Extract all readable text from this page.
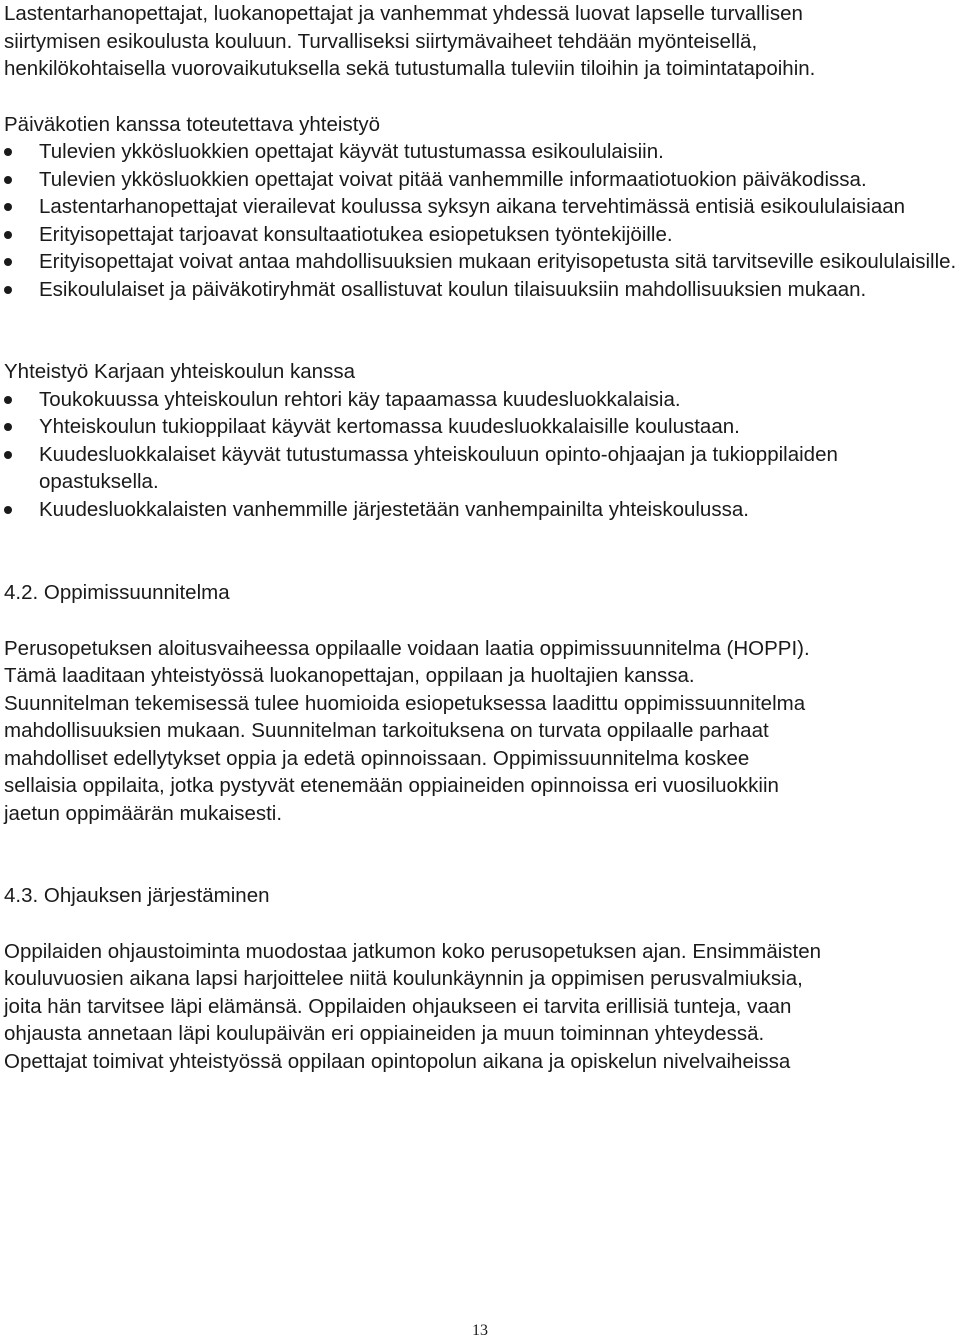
Lastentarhanopettajat, luokanopettajat ja vanhemmat yhdessä luovat lapselle turvallisen

siirtymisen esikoulusta kouluun. Turvalliseksi siirtymävaiheet tehdään myönteisellä,

henkilökohtaisella vuorovaikutuksella sekä tutustumalla tuleviin tiloihin ja toimintatapoihin.

Päiväkotien kanssa toteutettava yhteistyö

Tulevien ykkösluokkien opettajat käyvät tutustumassa esikoululaisiin.
Tulevien ykkösluokkien opettajat voivat pitää vanhemmille informaatiotuokion päiväkodissa.
Lastentarhanopettajat vierailevat koulussa syksyn aikana tervehtimässä entisiä esikoululaisiaan
Erityisopettajat tarjoavat konsultaatiotukea esiopetuksen työntekijöille.
Erityisopettajat voivat antaa mahdollisuuksien mukaan erityisopetusta sitä tarvitseville esikoululaisille.
Esikoululaiset ja päiväkotiryhmät osallistuvat koulun tilaisuuksiin mahdollisuuksien mukaan.

Yhteistyö Karjaan yhteiskoulun kanssa

Toukokuussa yhteiskoulun rehtori käy tapaamassa kuudesluokkalaisia.
Yhteiskoulun tukioppilaat käyvät kertomassa kuudesluokkalaisille koulustaan.
Kuudesluokkalaiset käyvät tutustumassa yhteiskouluun opinto-ohjaajan ja tukioppilaiden opastuksella.
Kuudesluokkalaisten vanhemmille järjestetään vanhempainilta yhteiskoulussa.

4.2. Oppimissuunnitelma

Perusopetuksen aloitusvaiheessa oppilaalle voidaan laatia oppimissuunnitelma (HOPPI).

Tämä laaditaan yhteistyössä luokanopettajan, oppilaan ja huoltajien kanssa.

Suunnitelman tekemisessä tulee huomioida esiopetuksessa laadittu oppimissuunnitelma

mahdollisuuksien mukaan. Suunnitelman tarkoituksena on turvata oppilaalle parhaat

mahdolliset edellytykset oppia ja edetä opinnoissaan. Oppimissuunnitelma koskee

sellaisia oppilaita, jotka pystyvät etenemään oppiaineiden opinnoissa eri vuosiluokkiin

jaetun oppimäärän mukaisesti.

4.3. Ohjauksen järjestäminen

Oppilaiden ohjaustoiminta muodostaa jatkumon koko perusopetuksen ajan. Ensimmäisten

kouluvuosien aikana lapsi harjoittelee niitä koulunkäynnin ja oppimisen perusvalmiuksia,

joita hän tarvitsee läpi elämänsä. Oppilaiden ohjaukseen ei tarvita erillisiä tunteja, vaan

ohjausta annetaan läpi koulupäivän eri oppiaineiden ja muun toiminnan yhteydessä.

Opettajat toimivat yhteistyössä oppilaan opintopolun aikana ja opiskelun nivelvaiheissa

13
